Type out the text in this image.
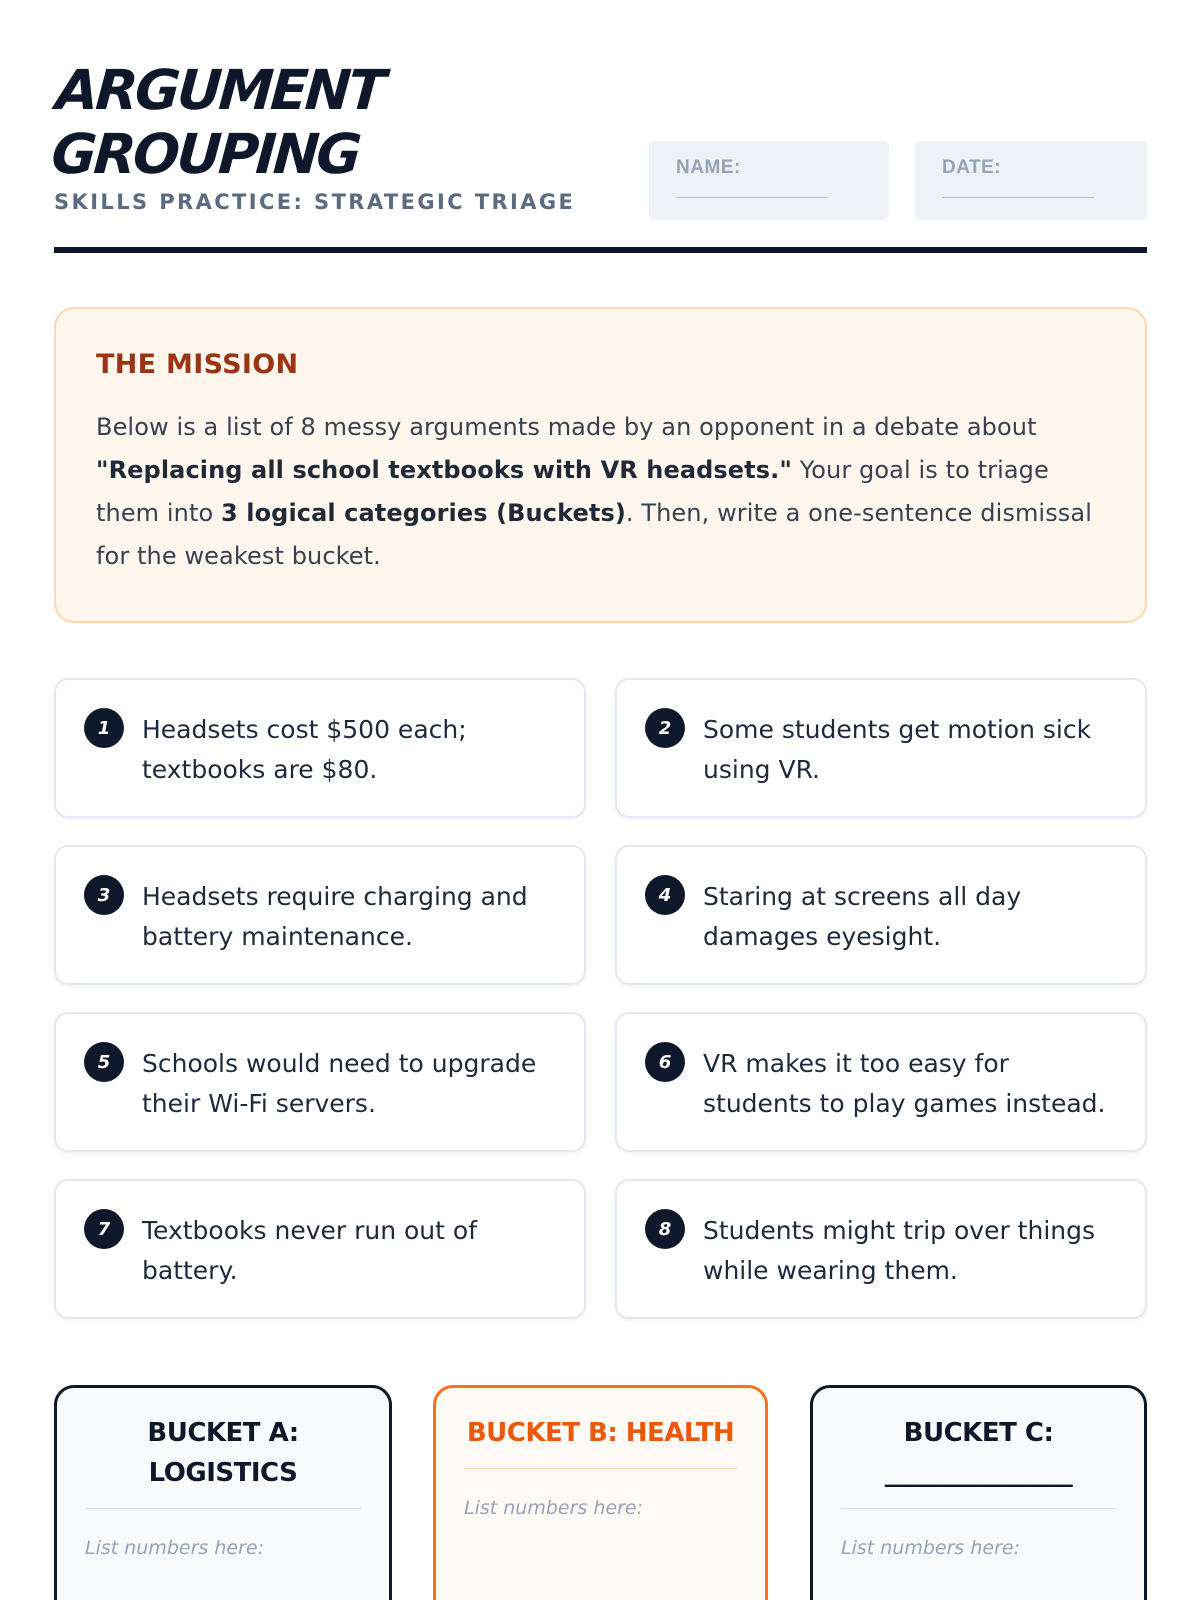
ARGUMENT
GROUPING
SKILLS PRACTICE: STRATEGIC TRIAGE
NAME:	DATE:
THE MISSION

Below is a list of 8 messy arguments made by an opponent in a debate about "Replacing all school textbooks with VR headsets." Your goal is to triage them into 3 logical categories (Buckets). Then, write a one-sentence dismissal for the weakest bucket.

1	Headsets cost $500 each; textbooks are $80.
2	Some students get motion sick using VR.
3	Headsets require charging and battery maintenance.
4	Staring at screens all day damages eyesight.
5	Schools would need to upgrade their Wi-Fi servers.
6	VR makes it too easy for students to play games instead.
7	Textbooks never run out of battery.
8	Students might trip over things while wearing them.
BUCKET A: LOGISTICS
List numbers here:
BUCKET B: HEALTH
List numbers here:
BUCKET C:
_______________
List numbers here:
